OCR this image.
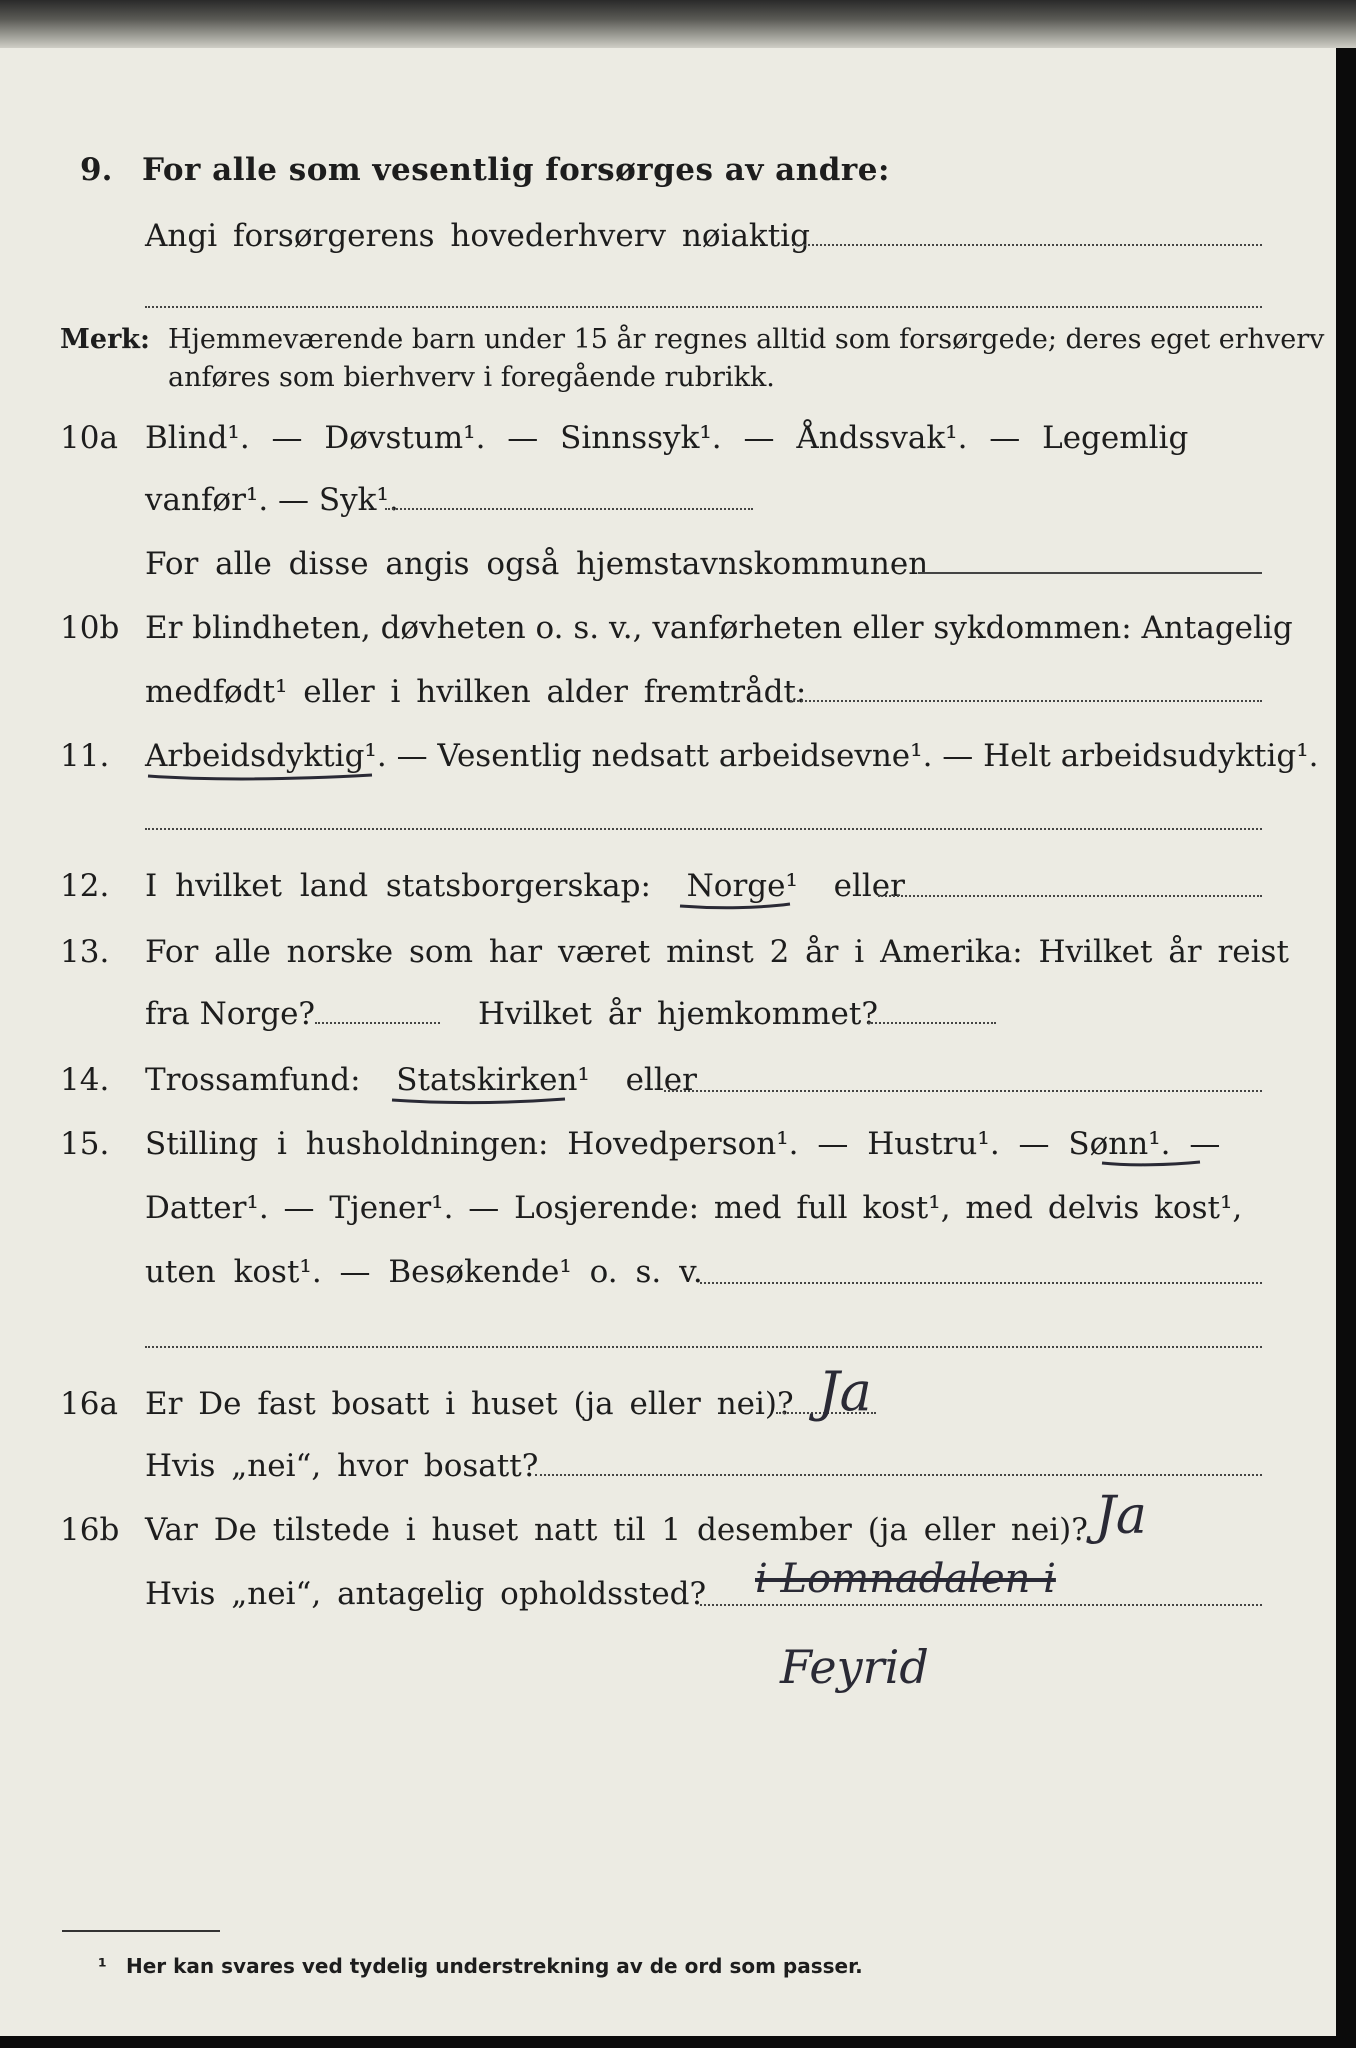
9. For alle som vesentlig forsørges av andre:
Angi forsørgerens hovederhverv nøiaktig
Merk: Hjemmeværende barn under 15 år regnes alltid som forsørgede; deres eget erhverv
anføres som bierhverv i foregående rubrikk.
10a Blind¹. — Døvstum¹. — Sinnssyk¹. — Åndssvak¹. — Legemlig
vanfør¹. — Syk¹.
For alle disse angis også hjemstavnskommunen
10b Er blindheten, døvheten o. s. v., vanførheten eller sykdommen: Antagelig
medfødt¹ eller i hvilken alder fremtrådt:
11. Arbeidsdyktig¹. — Vesentlig nedsatt arbeidsevne¹. — Helt arbeidsudyktig¹.
12. I hvilket land statsborgerskap: Norge¹ eller
13. For alle norske som har været minst 2 år i Amerika: Hvilket år reist
fra Norge?	Hvilket år hjemkommet?
14. Trossamfund: Statskirken¹ eller
15. Stilling i husholdningen: Hovedperson¹. — Hustru¹. — Sønn¹. —
Datter¹. — Tjener¹. — Losjerende: med full kost¹, med delvis kost¹,
uten kost¹. — Besøkende¹ o. s. v.
16a Er De fast bosatt i huset (ja eller nei)? Ja
Hvis „nei“, hvor bosatt?
16b Var De tilstede i huset natt til 1 desember (ja eller nei)? Ja
Hvis „nei“, antagelig opholdssted? i Lomnadalen i
Feyrid
¹ Her kan svares ved tydelig understrekning av de ord som passer.
